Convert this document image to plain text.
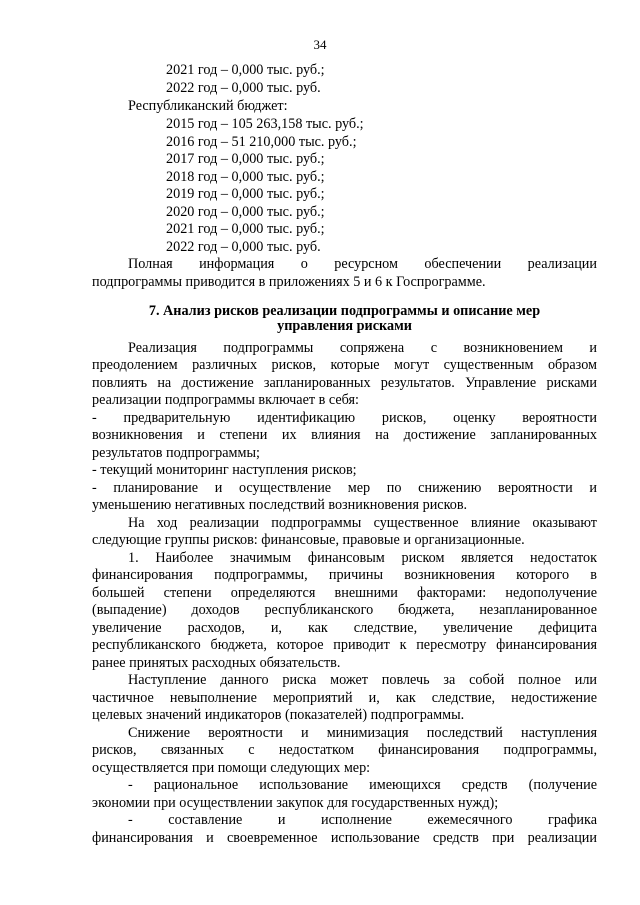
34
2021 год – 0,000 тыс. руб.;
2022 год – 0,000 тыс. руб.
Республиканский бюджет:
2015 год – 105 263,158 тыс. руб.;
2016 год – 51 210,000 тыс. руб.;
2017 год – 0,000 тыс. руб.;
2018 год – 0,000 тыс. руб.;
2019 год – 0,000 тыс. руб.;
2020 год – 0,000 тыс. руб.;
2021 год – 0,000 тыс. руб.;
2022 год – 0,000 тыс. руб.
Полная информация о ресурсном обеспечении реализации
подпрограммы приводится в приложениях 5 и 6 к Госпрограмме.
7. Анализ рисков реализации подпрограммы и описание мер
управления рисками
Реализация подпрограммы сопряжена с возникновением и
преодолением различных рисков, которые могут существенным образом
повлиять на достижение запланированных результатов. Управление рисками
реализации подпрограммы включает в себя:
- предварительную идентификацию рисков, оценку вероятности
возникновения и степени их влияния на достижение запланированных
результатов подпрограммы;
- текущий мониторинг наступления рисков;
- планирование и осуществление мер по снижению вероятности и
уменьшению негативных последствий возникновения рисков.
На ход реализации подпрограммы существенное влияние оказывают
следующие группы рисков: финансовые, правовые и организационные.
1. Наиболее значимым финансовым риском является недостаток
финансирования подпрограммы, причины возникновения которого в
большей степени определяются внешними факторами: недополучение
(выпадение) доходов республиканского бюджета, незапланированное
увеличение расходов, и, как следствие, увеличение дефицита
республиканского бюджета, которое приводит к пересмотру финансирования
ранее принятых расходных обязательств.
Наступление данного риска может повлечь за собой полное или
частичное невыполнение мероприятий и, как следствие, недостижение
целевых значений индикаторов (показателей) подпрограммы.
Снижение вероятности и минимизация последствий наступления
рисков, связанных с недостатком финансирования подпрограммы,
осуществляется при помощи следующих мер:
- рациональное использование имеющихся средств (получение
экономии при осуществлении закупок для государственных нужд);
- составление и исполнение ежемесячного графика
финансирования и своевременное использование средств при реализации
